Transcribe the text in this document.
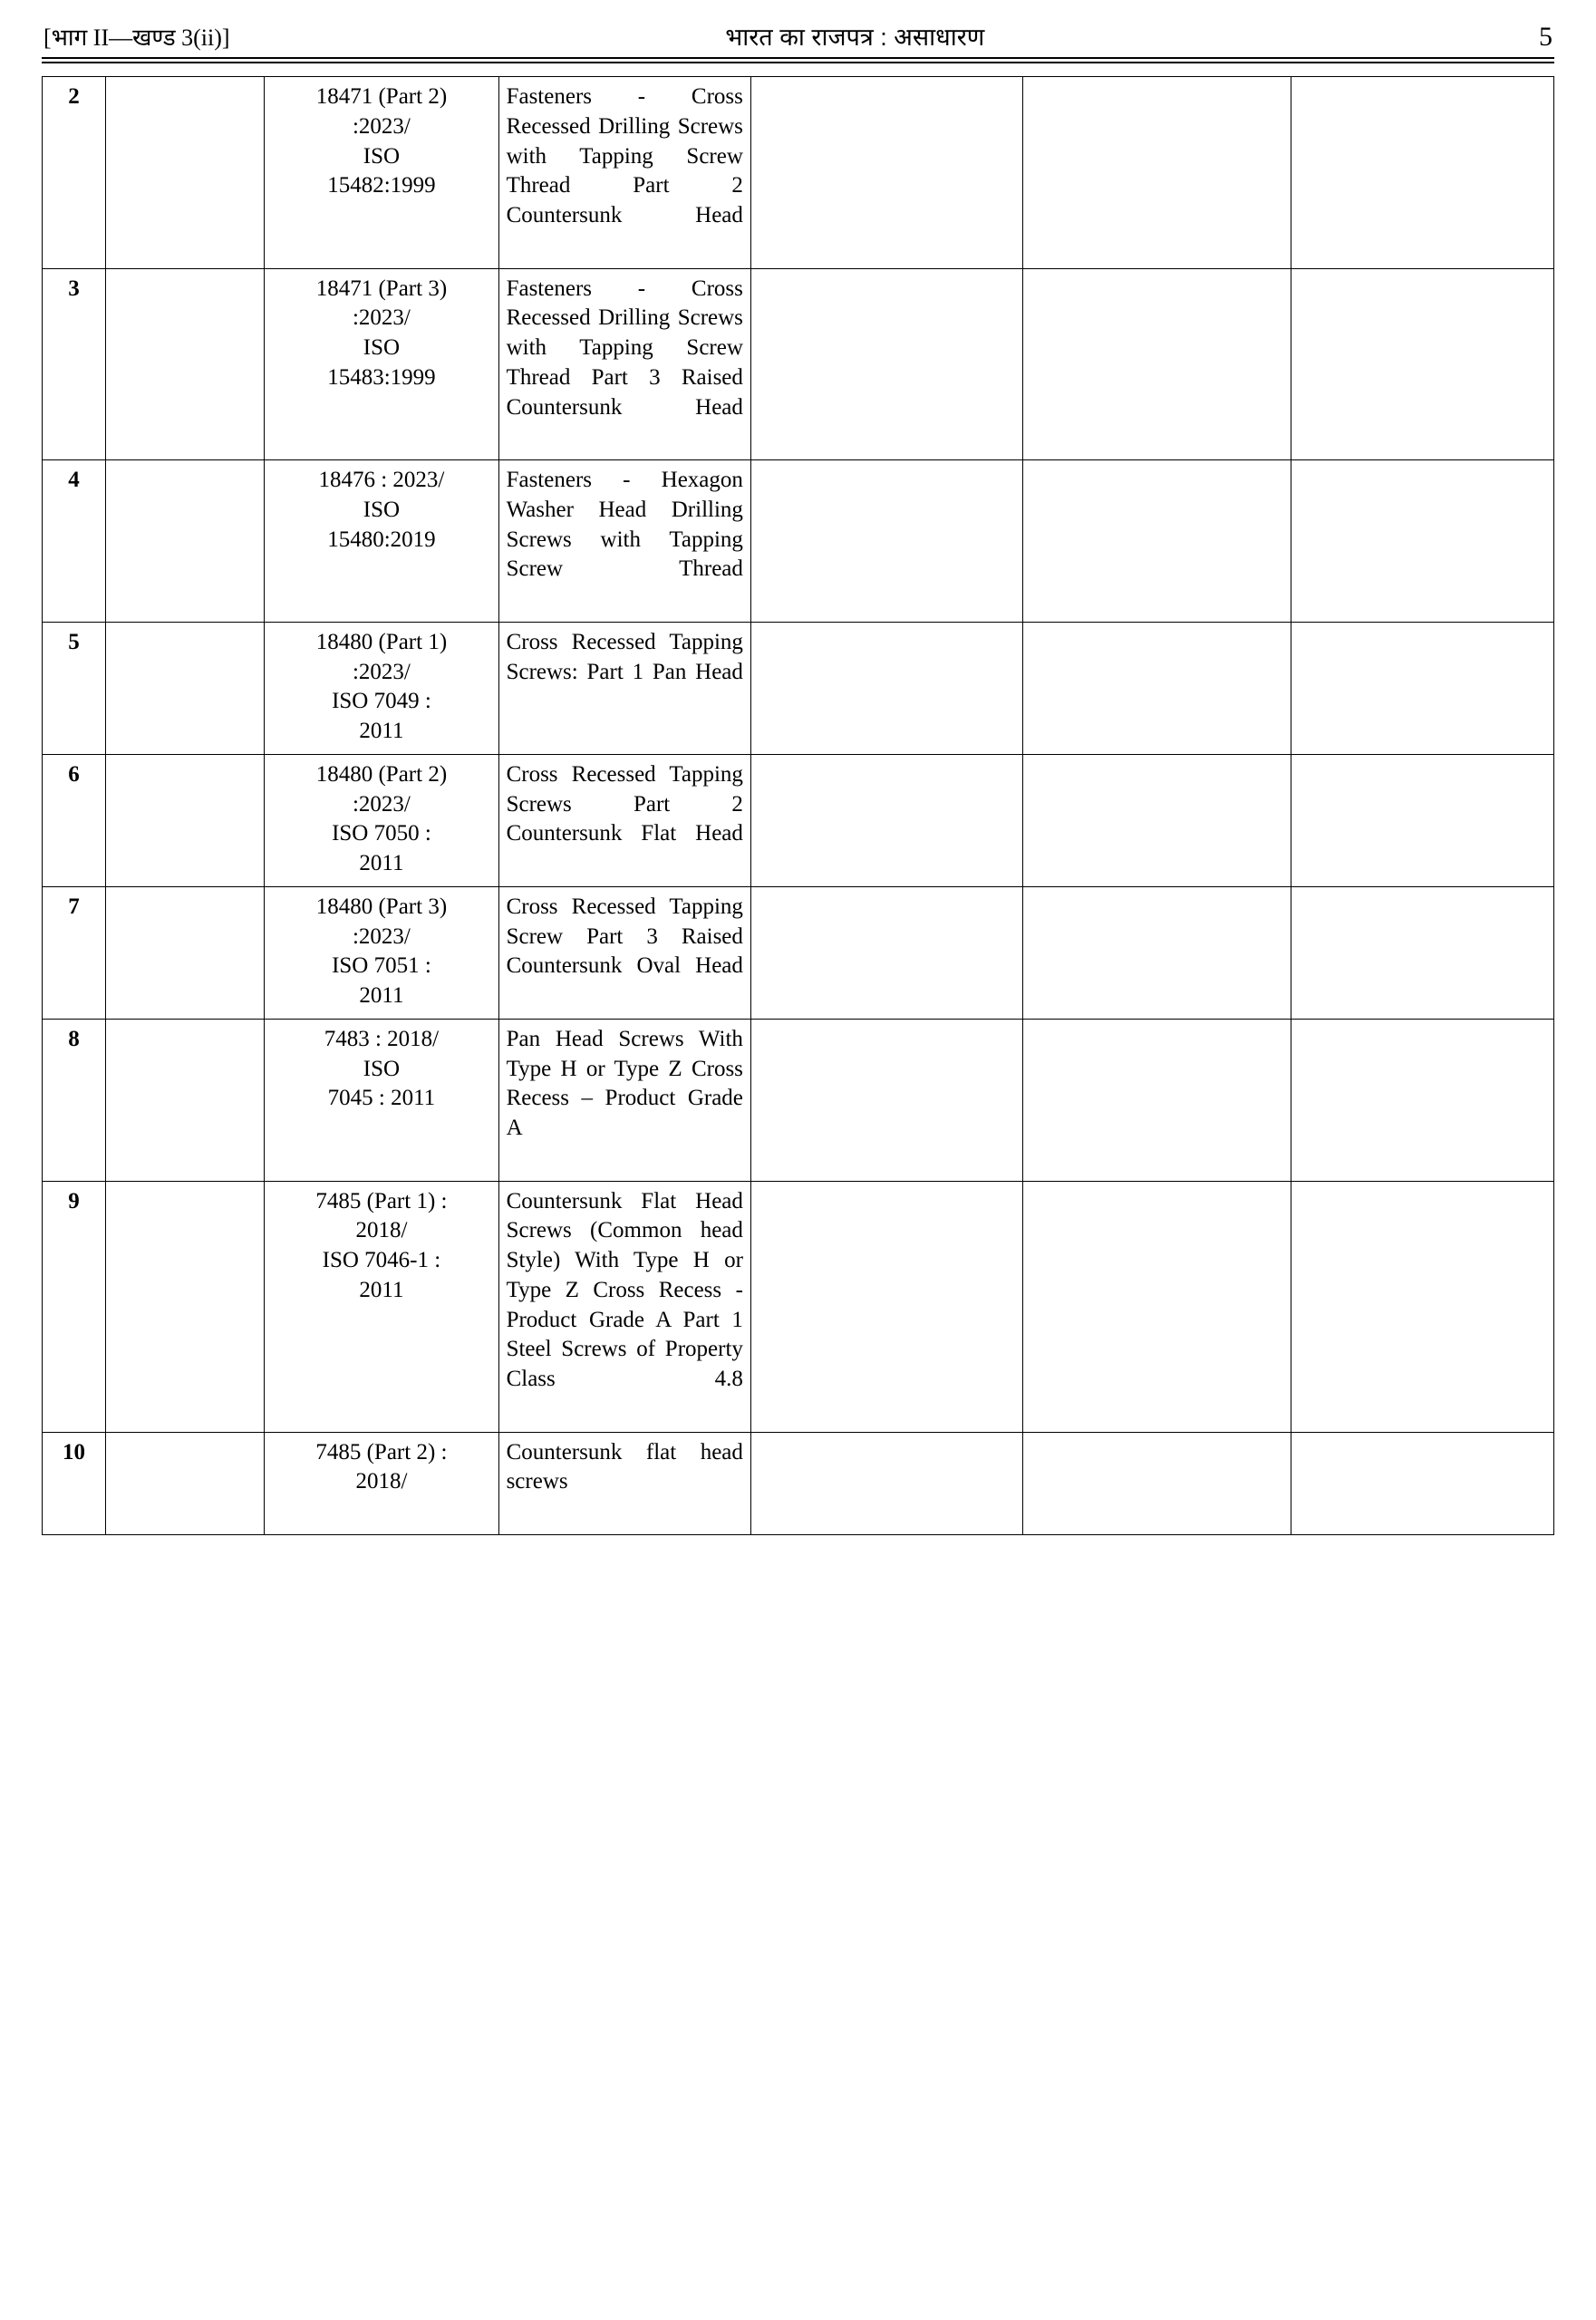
[भाग II—खण्ड 3(ii)]	भारत का राजपत्र : असाधारण	5
2		18471 (Part 2)
:2023/
ISO
15482:1999	Fasteners - Cross Recessed Drilling Screws with Tapping Screw Thread Part 2 Countersunk Head			
3		18471 (Part 3)
:2023/
ISO
15483:1999	Fasteners - Cross Recessed Drilling Screws with Tapping Screw Thread Part 3 Raised Countersunk Head			
4		18476 : 2023/
ISO
15480:2019	Fasteners - Hexagon Washer Head Drilling Screws with Tapping Screw Thread			
5		18480 (Part 1)
:2023/
ISO 7049 :
2011	Cross Recessed Tapping Screws: Part 1 Pan Head			
6		18480 (Part 2)
:2023/
ISO 7050 :
2011	Cross Recessed Tapping Screws Part 2 Countersunk Flat Head			
7		18480 (Part 3)
:2023/
ISO 7051 :
2011	Cross Recessed Tapping Screw Part 3 Raised Countersunk Oval Head			
8		7483 : 2018/
ISO
7045 : 2011	Pan Head Screws With Type H or Type Z Cross Recess – Product Grade A			
9		7485 (Part 1) :
2018/
ISO 7046-1 :
2011	Countersunk Flat Head Screws (Common head Style) With Type H or Type Z Cross Recess - Product Grade A Part 1 Steel Screws of Property Class 4.8			
10		7485 (Part 2) :
2018/	Countersunk flat head screws			
